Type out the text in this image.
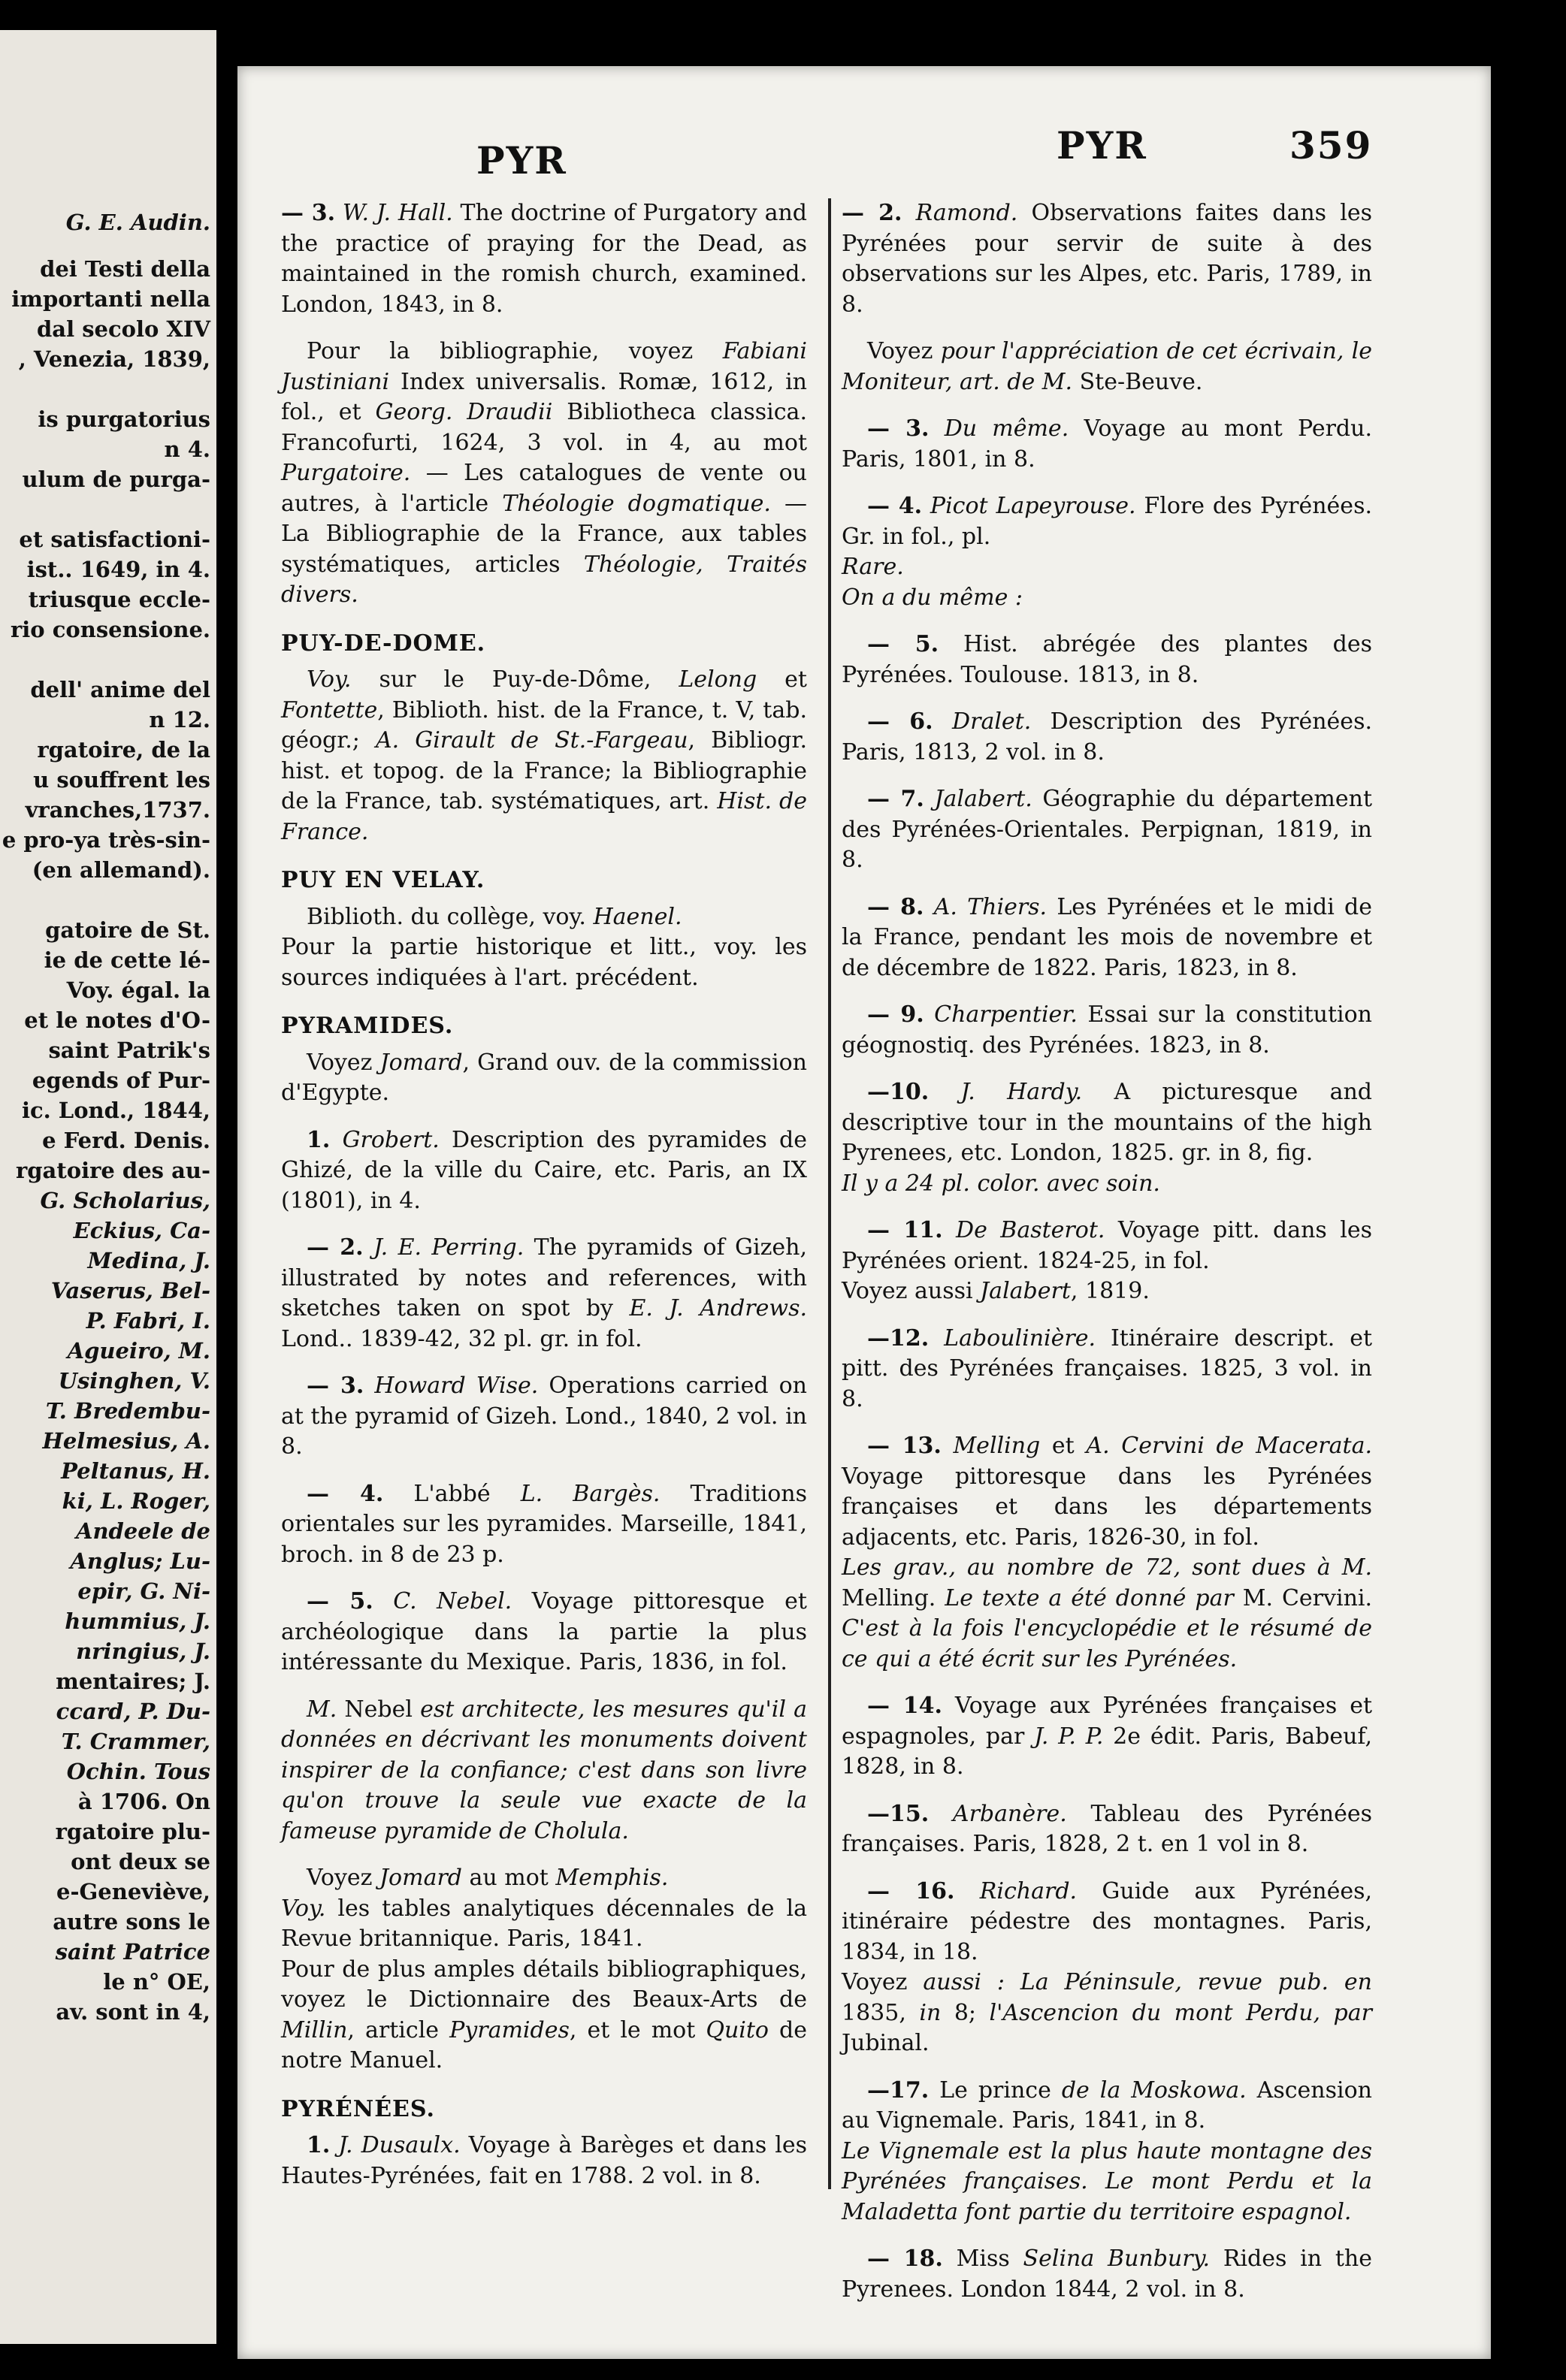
G. E. Audin.
dei Testi della
importanti nella
dal secolo XIV
, Venezia, 1839,
is purgatorius
n 4.
ulum de purga-
et satisfactioni-
ist.. 1649, in 4.
triusque eccle-
rio consensione.
dell' anime del
n 12.
rgatoire, de la
u souffrent les
vranches,1737.
e pro-ya très-sin-
(en allemand).
gatoire de St.
ie de cette lé-
Voy. égal. la
et le notes d'O-
saint Patrik's
egends of Pur-
ic. Lond., 1844,
e Ferd. Denis.
rgatoire des au-
G. Scholarius,
Eckius, Ca-
Medina, J.
Vaserus, Bel-
P. Fabri, I.
Agueiro, M.
Usinghen, V.
T. Bredembu-
Helmesius, A.
Peltanus, H.
ki, L. Roger,
Andeele de
Anglus; Lu-
epir, G. Ni-
hummius, J.
nringius, J.
mentaires; J.
ccard, P. Du-
T. Crammer,
Ochin. Tous
à 1706. On
rgatoire plu-
ont deux se
e-Geneviève,
autre sons le
saint Patrice
le n° OE,
av. sont in 4,
PYR	PYR	359

— 3. W. J. Hall. The doctrine of Purgatory and the practice of praying for the Dead, as maintained in the romish church, examined. London, 1843, in 8.

Pour la bibliographie, voyez Fabiani Justiniani Index universalis. Romæ, 1612, in fol., et Georg. Draudii Bibliotheca classica. Francofurti, 1624, 3 vol. in 4, au mot Purgatoire. — Les catalogues de vente ou autres, à l'article Théologie dogmatique. — La Bibliographie de la France, aux tables systématiques, articles Théologie, Traités divers.

PUY-DE-DOME.

Voy. sur le Puy-de-Dôme, Lelong et Fontette, Biblioth. hist. de la France, t. V, tab. géogr.; A. Girault de St.-Fargeau, Bibliogr. hist. et topog. de la France; la Bibliographie de la France, tab. systématiques, art. Hist. de France.

PUY EN VELAY.

Biblioth. du collège, voy. Haenel.
Pour la partie historique et litt., voy. les sources indiquées à l'art. précédent.

PYRAMIDES.

Voyez Jomard, Grand ouv. de la commission d'Egypte.

1. Grobert. Description des pyramides de Ghizé, de la ville du Caire, etc. Paris, an IX (1801), in 4.

— 2. J. E. Perring. The pyramids of Gizeh, illustrated by notes and references, with sketches taken on spot by E. J. Andrews. Lond.. 1839-42, 32 pl. gr. in fol.

— 3. Howard Wise. Operations carried on at the pyramid of Gizeh. Lond., 1840, 2 vol. in 8.

— 4. L'abbé L. Bargès. Traditions orientales sur les pyramides. Marseille, 1841, broch. in 8 de 23 p.

— 5. C. Nebel. Voyage pittoresque et archéologique dans la partie la plus intéressante du Mexique. Paris, 1836, in fol.

M. Nebel est architecte, les mesures qu'il a données en décrivant les monuments doivent inspirer de la confiance; c'est dans son livre qu'on trouve la seule vue exacte de la fameuse pyramide de Cholula.

Voyez Jomard au mot Memphis.
Voy. les tables analytiques décennales de la Revue britannique. Paris, 1841.
Pour de plus amples détails bibliographiques, voyez le Dictionnaire des Beaux-Arts de Millin, article Pyramides, et le mot Quito de notre Manuel.

PYRÉNÉES.

1. J. Dusaulx. Voyage à Barèges et dans les Hautes-Pyrénées, fait en 1788. 2 vol. in 8.

— 2. Ramond. Observations faites dans les Pyrénées pour servir de suite à des observations sur les Alpes, etc. Paris, 1789, in 8.

Voyez pour l'appréciation de cet écrivain, le Moniteur, art. de M. Ste-Beuve.

— 3. Du même. Voyage au mont Perdu. Paris, 1801, in 8.

— 4. Picot Lapeyrouse. Flore des Pyrénées. Gr. in fol., pl.
Rare.
On a du même :

— 5. Hist. abrégée des plantes des Pyrénées. Toulouse. 1813, in 8.

— 6. Dralet. Description des Pyrénées. Paris, 1813, 2 vol. in 8.

— 7. Jalabert. Géographie du département des Pyrénées-Orientales. Perpignan, 1819, in 8.

— 8. A. Thiers. Les Pyrénées et le midi de la France, pendant les mois de novembre et de décembre de 1822. Paris, 1823, in 8.

— 9. Charpentier. Essai sur la constitution géognostiq. des Pyrénées. 1823, in 8.

—10. J. Hardy. A picturesque and descriptive tour in the mountains of the high Pyrenees, etc. London, 1825. gr. in 8, fig.
Il y a 24 pl. color. avec soin.

— 11. De Basterot. Voyage pitt. dans les Pyrénées orient. 1824-25, in fol.
Voyez aussi Jalabert, 1819.

—12. Laboulinière. Itinéraire descript. et pitt. des Pyrénées françaises. 1825, 3 vol. in 8.

— 13. Melling et A. Cervini de Macerata. Voyage pittoresque dans les Pyrénées françaises et dans les départements adjacents, etc. Paris, 1826-30, in fol.
Les grav., au nombre de 72, sont dues à M. Melling. Le texte a été donné par M. Cervini. C'est à la fois l'encyclopédie et le résumé de ce qui a été écrit sur les Pyrénées.

— 14. Voyage aux Pyrénées françaises et espagnoles, par J. P. P. 2e édit. Paris, Babeuf, 1828, in 8.

—15. Arbanère. Tableau des Pyrénées françaises. Paris, 1828, 2 t. en 1 vol in 8.

— 16. Richard. Guide aux Pyrénées, itinéraire pédestre des montagnes. Paris, 1834, in 18.
Voyez aussi : La Péninsule, revue pub. en 1835, in 8; l'Ascencion du mont Perdu, par Jubinal.

—17. Le prince de la Moskowa. Ascension au Vignemale. Paris, 1841, in 8.
Le Vignemale est la plus haute montagne des Pyrénées françaises. Le mont Perdu et la Maladetta font partie du territoire espagnol.

— 18. Miss Selina Bunbury. Rides in the Pyrenees. London 1844, 2 vol. in 8.
